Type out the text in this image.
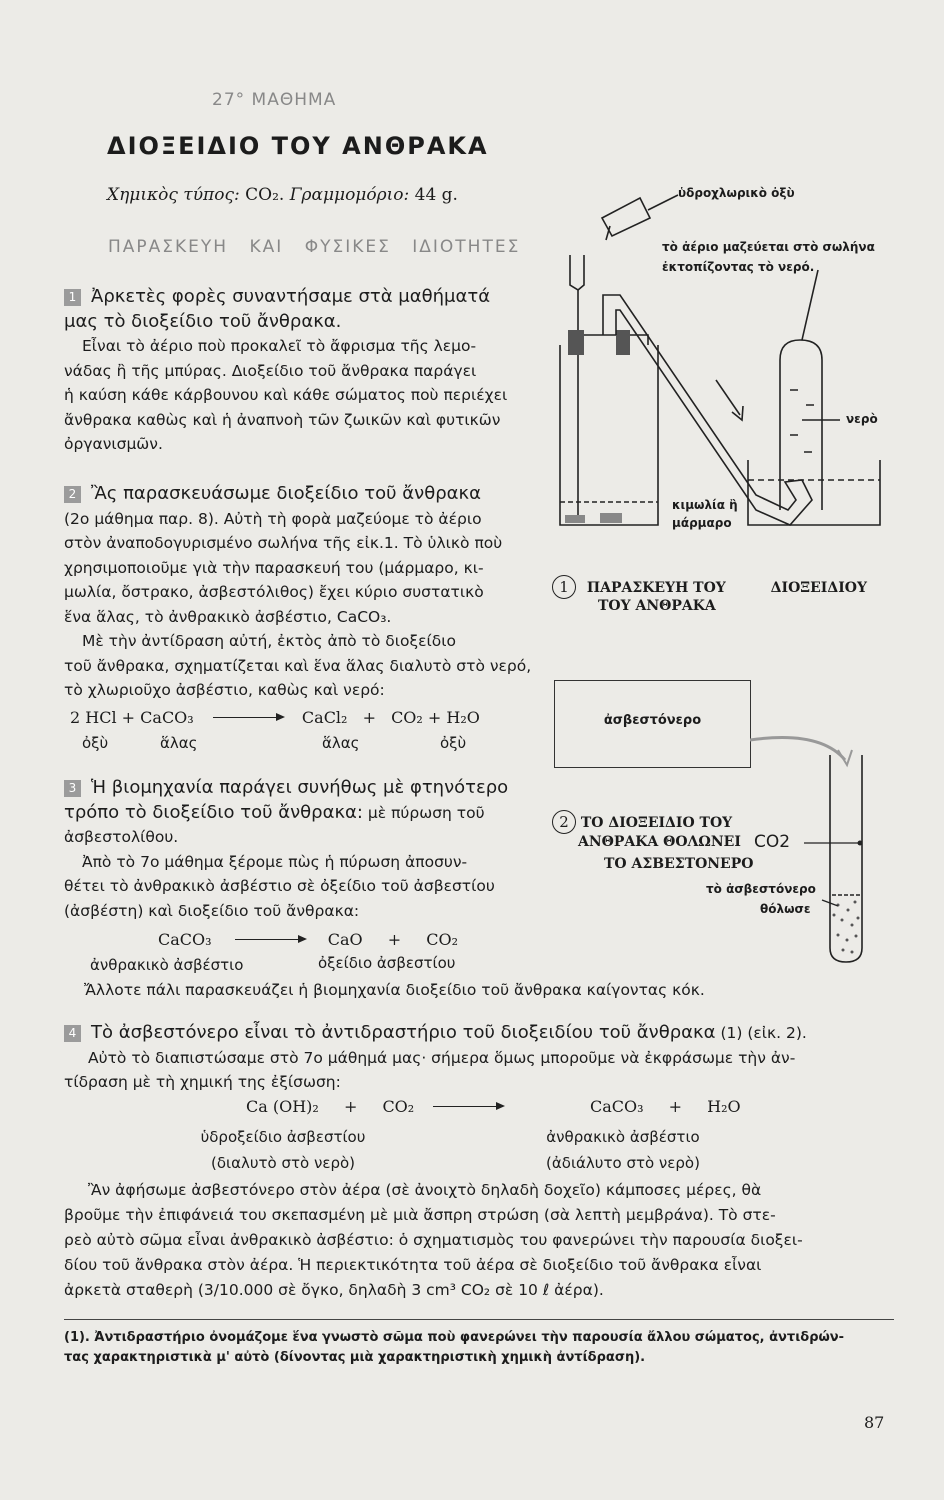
27° ΜΑΘΗΜΑ
ΔΙΟΞΕΙΔΙΟ ΤΟΥ ΑΝΘΡΑΚΑ
Χημικὸς τύπος: CO₂. Γραμμομόριο: 44 g.
ΠΑΡΑΣΚΕΥΗ ΚΑΙ ΦΥΣΙΚΕΣ ΙΔΙΟΤΗΤΕΣ
1 Ἀρκετὲς φορὲς συναντήσαμε στὰ μαθήματά
μας τὸ διοξείδιο τοῦ ἄνθρακα.
Εἶναι τὸ ἀέριο ποὺ προκαλεῖ τὸ ἄφρισμα τῆς λεμο-
νάδας ἢ τῆς μπύρας. Διοξείδιο τοῦ ἄνθρακα παράγει
ἡ καύση κάθε κάρβουνου καὶ κάθε σώματος ποὺ περιέχει
ἄνθρακα καθὼς καὶ ἡ ἀναπνοὴ τῶν ζωικῶν καὶ φυτικῶν
ὀργανισμῶν.
2 Ἂς παρασκευάσωμε διοξείδιο τοῦ ἄνθρακα
(2ο μάθημα παρ. 8). Αὐτὴ τὴ φορὰ μαζεύομε τὸ ἀέριο
στὸν ἀναποδογυρισμένο σωλήνα τῆς εἰκ.1. Τὸ ὑλικὸ ποὺ
χρησιμοποιοῦμε γιὰ τὴν παρασκευή του (μάρμαρο, κι-
μωλία, ὄστρακο, ἀσβεστόλιθος) ἔχει κύριο συστατικὸ
ἕνα ἅλας, τὸ ἀνθρακικὸ ἀσβέστιο, CaCO₃.
Μὲ τὴν ἀντίδραση αὐτή, ἐκτὸς ἀπὸ τὸ διοξείδιο
τοῦ ἄνθρακα, σχηματίζεται καὶ ἕνα ἅλας διαλυτὸ στὸ νερό,
τὸ χλωριοῦχο ἀσβέστιο, καθὼς καὶ νερό:
2 HCl + CaCO₃	CaCl₂ + CO₂ + H₂O
ὀξὺ	ἅλας	ἅλας	ὀξὺ
3 Ἡ βιομηχανία παράγει συνήθως μὲ φτηνότερο
τρόπο τὸ διοξείδιο τοῦ ἄνθρακα: μὲ πύρωση τοῦ
ἀσβεστολίθου.
Ἀπὸ τὸ 7ο μάθημα ξέρομε πὼς ἡ πύρωση ἀποσυν-
θέτει τὸ ἀνθρακικὸ ἀσβέστιο σὲ ὀξείδιο τοῦ ἀσβεστίου
(ἀσβέστη) καὶ διοξείδιο τοῦ ἄνθρακα:
CaCO₃	CaO + CO₂
ἀνθρακικὸ ἀσβέστιο	ὀξείδιο ἀσβεστίου
Ἄλλοτε πάλι παρασκευάζει ἡ βιομηχανία διοξείδιο τοῦ ἄνθρακα καίγοντας κόκ.
4 Τὸ ἀσβεστόνερο εἶναι τὸ ἀντιδραστήριο τοῦ διοξειδίου τοῦ ἄνθρακα (1) (εἰκ. 2).
Αὐτὸ τὸ διαπιστώσαμε στὸ 7ο μάθημά μας· σήμερα ὅμως μποροῦμε νὰ ἐκφράσωμε τὴν ἀν-
τίδραση μὲ τὴ χημική της ἐξίσωση:
Ca (OH)₂ + CO₂	CaCO₃ + H₂O
ὑδροξείδιο ἀσβεστίου
(διαλυτὸ στὸ νερὸ)
ἀνθρακικὸ ἀσβέστιο
(ἀδιάλυτο στὸ νερὸ)
Ἂν ἀφήσωμε ἀσβεστόνερο στὸν ἀέρα (σὲ ἀνοιχτὸ δηλαδὴ δοχεῖο) κάμποσες μέρες, θὰ
βροῦμε τὴν ἐπιφάνειά του σκεπασμένη μὲ μιὰ ἄσπρη στρώση (σὰ λεπτὴ μεμβράνα). Τὸ στε-
ρεὸ αὐτὸ σῶμα εἶναι ἀνθρακικὸ ἀσβέστιο: ὁ σχηματισμὸς του φανερώνει τὴν παρουσία διοξει-
δίου τοῦ ἄνθρακα στὸν ἀέρα. Ἡ περιεκτικότητα τοῦ ἀέρα σὲ διοξείδιο τοῦ ἄνθρακα εἶναι
ἀρκετὰ σταθερὴ (3/10.000 σὲ ὄγκο, δηλαδὴ 3 cm³ CO₂ σὲ 10 ℓ ἀέρα).
(1). Ἀντιδραστήριο ὀνομάζομε ἕνα γνωστὸ σῶμα ποὺ φανερώνει τὴν παρουσία ἄλλου σώματος, ἀντιδρών-
τας χαρακτηριστικὰ μ' αὐτὸ (δίνοντας μιὰ χαρακτηριστικὴ χημικὴ ἀντίδραση).
87
ὑδροχλωρικὸ ὀξὺ
τὸ ἀέριο μαζεύεται στὸ σωλήνα
ἐκτοπίζοντας τὸ νερό.
νερὸ
κιμωλία ἢ
μάρμαρο
1 ΠΑΡΑΣΚΕΥΗ ΤΟΥ	ΔΙΟΞΕΙΔΙΟΥ
ΤΟΥ ΑΝΘΡΑΚΑ
ἀσβεστόνερο
2 ΤΟ ΔΙΟΞΕΙΔΙΟ ΤΟΥ
ΑΝΘΡΑΚΑ ΘΟΛΩΝΕΙ CO2
ΤΟ ΑΣΒΕΣΤΟΝΕΡΟ
τὸ ἀσβεστόνερο
θόλωσε
